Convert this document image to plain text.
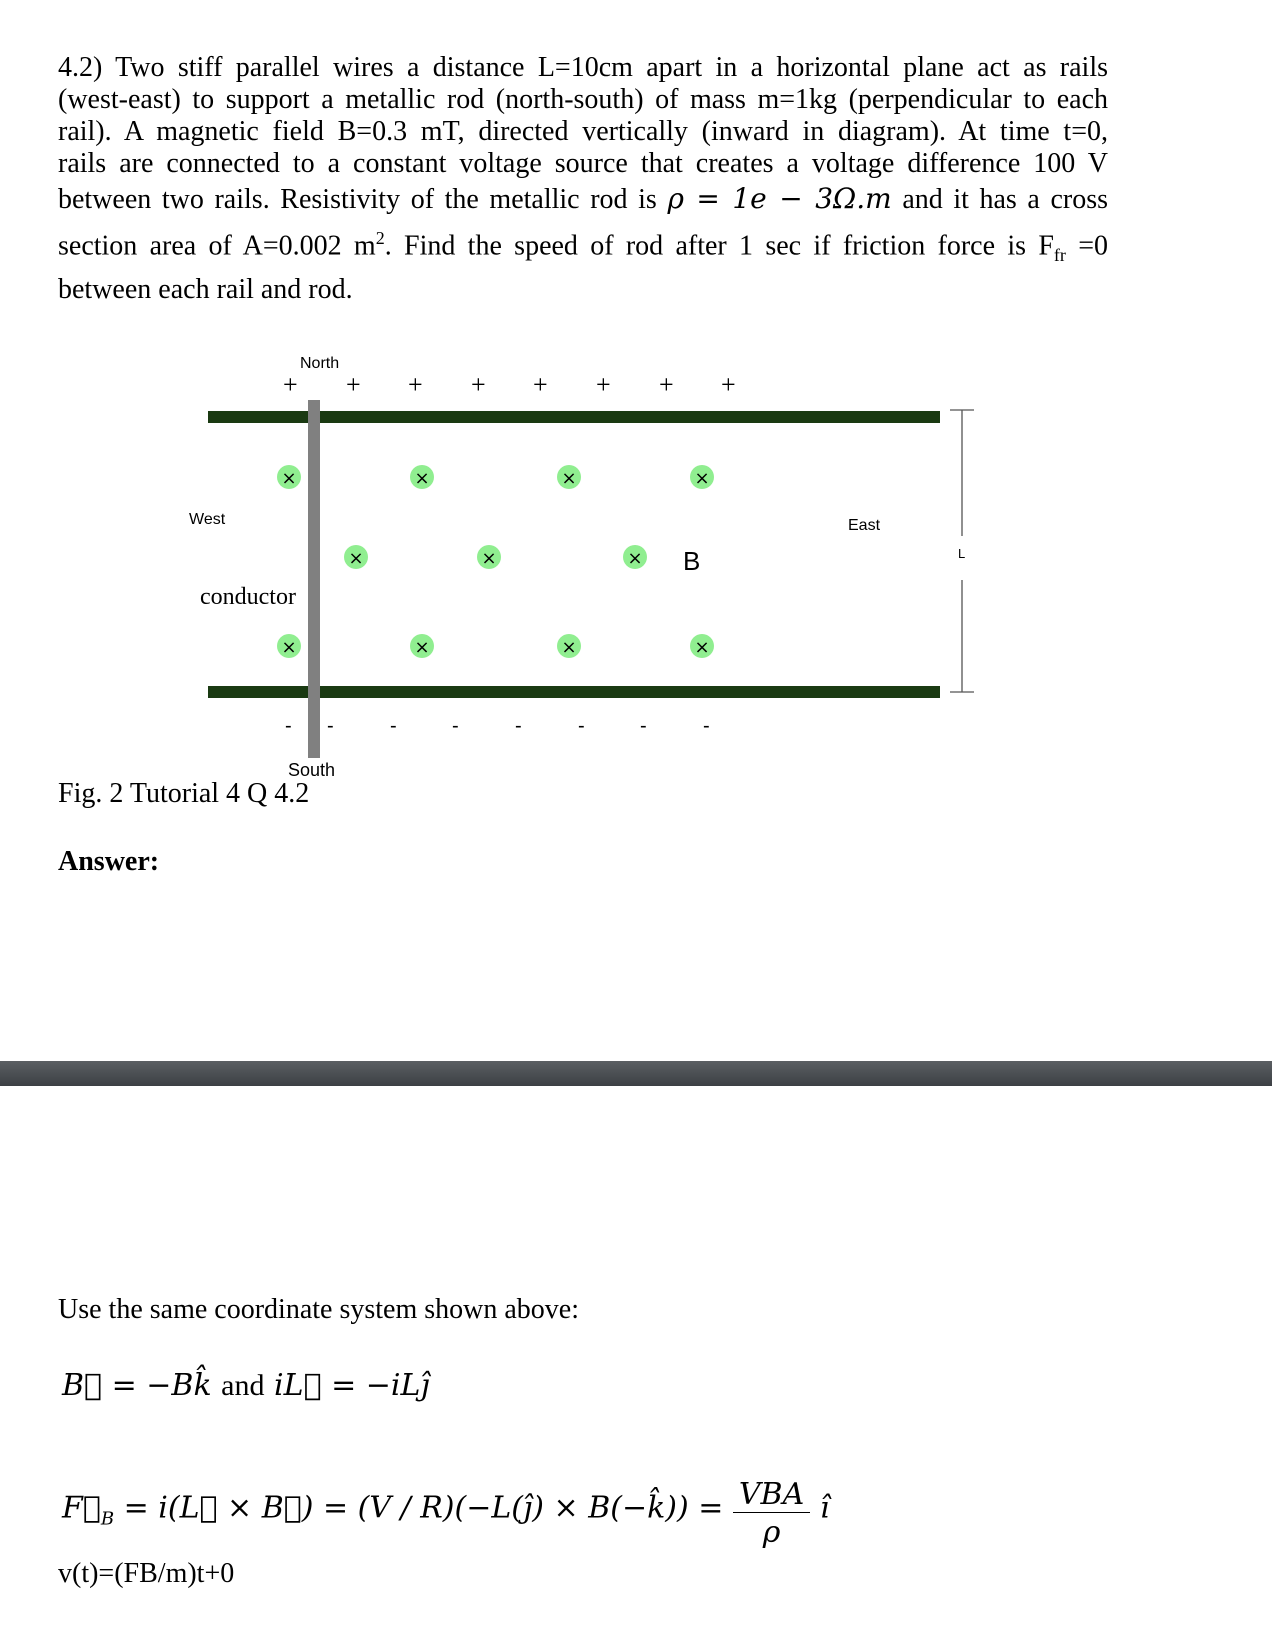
4.2) Two stiff parallel wires a distance L=10cm apart in a horizontal plane act as rails
(west-east) to support a metallic rod (north-south) of mass m=1kg (perpendicular to each
rail). A magnetic field B=0.3 mT, directed vertically (inward in diagram). At time t=0,
rails are connected to a constant voltage source that creates a voltage difference 100 V
between two rails. Resistivity of the metallic rod is ρ = 1e − 3Ω.m and it has a cross
section area of A=0.002 $m^2$. Find the speed of rod after 1 sec if friction force is $F_{fr} =0$
between each rail and rod.
North
South
West	East
conductor
B	L
+ + + + + + + +
- -	-	-	-	-	-	-
×	×	×	×
×	×	×
×	×	×	×
Fig. 2 Tutorial 4 Q 4.2
Answer:
Use the same coordinate system shown above:
B⃗ = −Bk̂ and iL⃗ = −iLĵ
$F⃗_B$ = i(L⃗ × B⃗) = (V / R)(−L(ĵ) × B(−k̂)) = $\frac{\text{VBA}}{\rho}$ î
v(t)=(FB/m)t+0
